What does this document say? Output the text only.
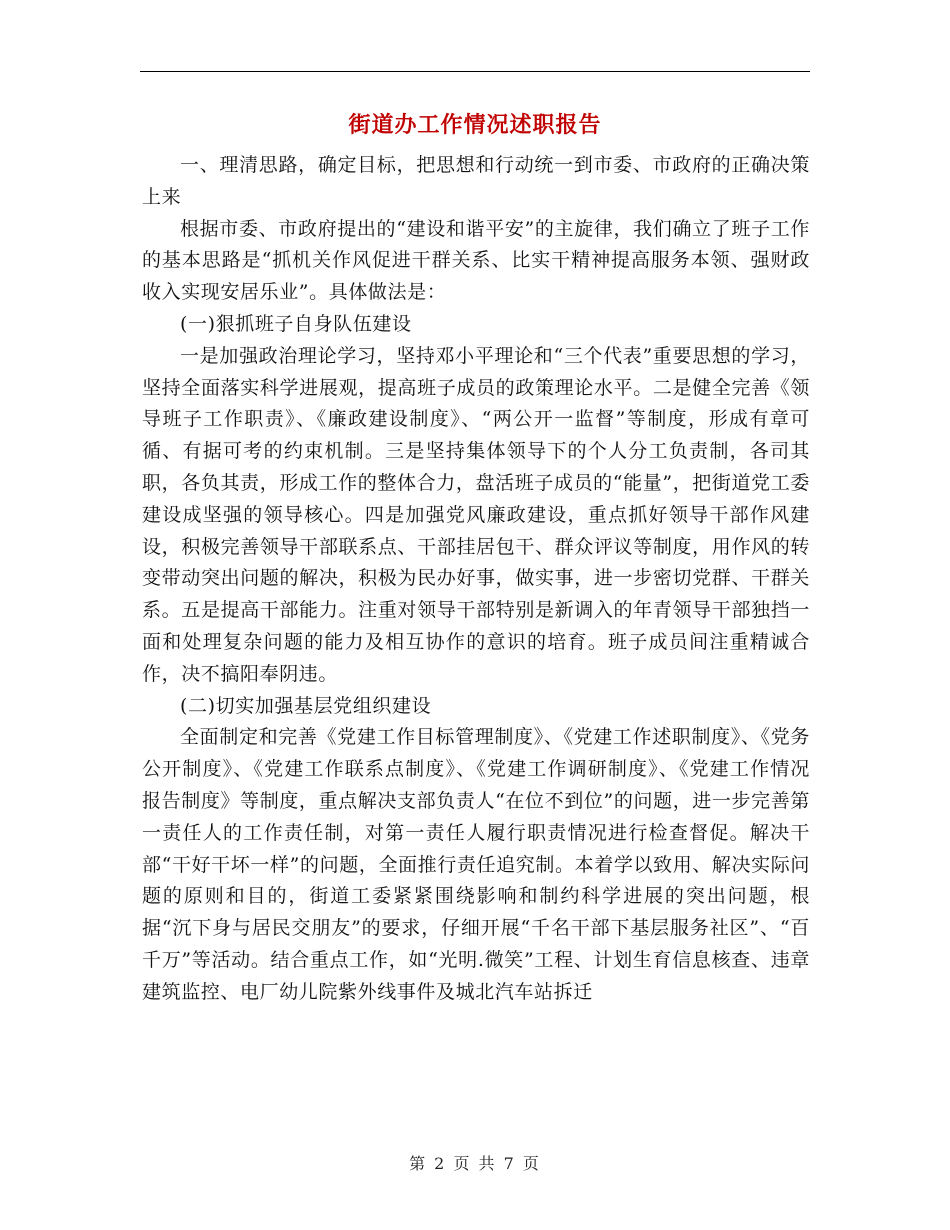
街道办工作情况述职报告

一、理清思路，确定目标，把思想和行动统一到市委、市政府的正确决策上来

根据市委、市政府提出的“建设和谐平安”的主旋律，我们确立了班子工作的基本思路是“抓机关作风促进干群关系、比实干精神提高服务本领、强财政收入实现安居乐业”。具体做法是：

(一)狠抓班子自身队伍建设

一是加强政治理论学习，坚持邓小平理论和“三个代表”重要思想的学习，坚持全面落实科学进展观，提高班子成员的政策理论水平。二是健全完善《领导班子工作职责》、《廉政建设制度》、“两公开一监督”等制度，形成有章可循、有据可考的约束机制。三是坚持集体领导下的个人分工负责制，各司其职，各负其责，形成工作的整体合力，盘活班子成员的“能量”，把街道党工委建设成坚强的领导核心。四是加强党风廉政建设，重点抓好领导干部作风建设，积极完善领导干部联系点、干部挂居包干、群众评议等制度，用作风的转变带动突出问题的解决，积极为民办好事，做实事，进一步密切党群、干群关系。五是提高干部能力。注重对领导干部特别是新调入的年青领导干部独挡一面和处理复杂问题的能力及相互协作的意识的培育。班子成员间注重精诚合作，决不搞阳奉阴违。

(二)切实加强基层党组织建设

全面制定和完善《党建工作目标管理制度》、《党建工作述职制度》、《党务公开制度》、《党建工作联系点制度》、《党建工作调研制度》、《党建工作情况报告制度》等制度，重点解决支部负责人“在位不到位”的问题，进一步完善第一责任人的工作责任制，对第一责任人履行职责情况进行检查督促。解决干部“干好干坏一样”的问题，全面推行责任追究制。本着学以致用、解决实际问题的原则和目的，街道工委紧紧围绕影响和制约科学进展的突出问题，根据“沉下身与居民交朋友”的要求，仔细开展“千名干部下基层服务社区”、“百千万”等活动。结合重点工作，如“光明.微笑”工程、计划生育信息核查、违章建筑监控、电厂幼儿院紫外线事件及城北汽车站拆迁

第 2 页 共 7 页
